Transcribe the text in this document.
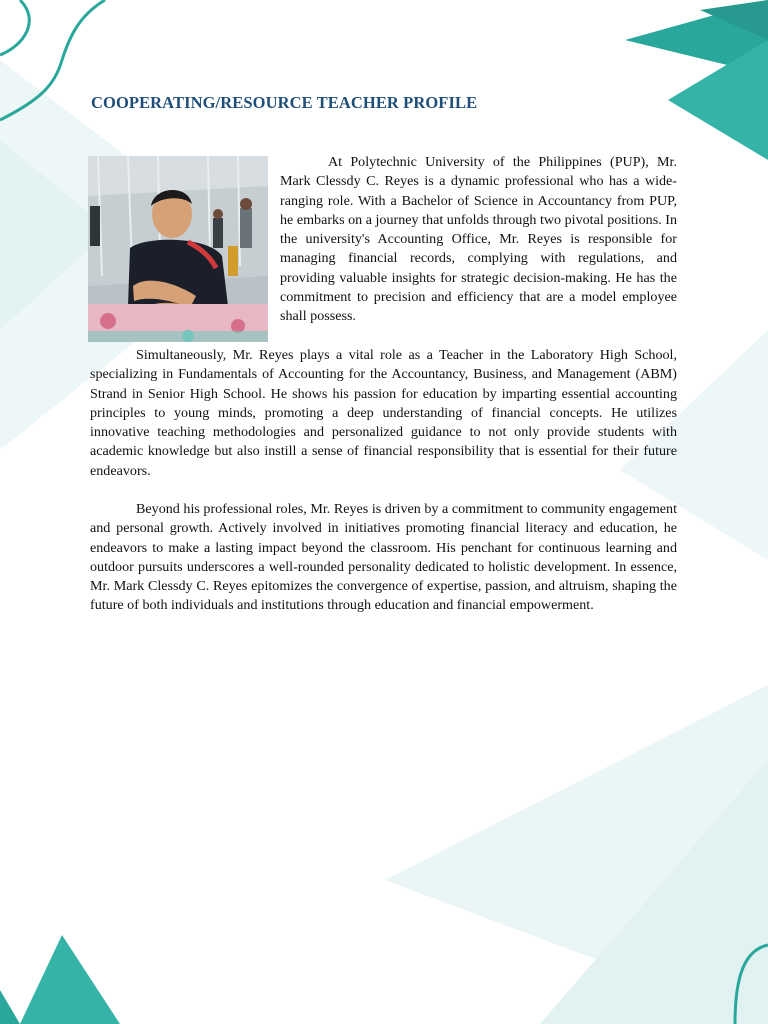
COOPERATING/RESOURCE TEACHER PROFILE

At Polytechnic University of the Philippines (PUP), Mr. Mark Clessdy C. Reyes is a dynamic professional who has a wide-ranging role. With a Bachelor of Science in Accountancy from PUP, he embarks on a journey that unfolds through two pivotal positions. In the university's Accounting Office, Mr. Reyes is responsible for managing financial records, complying with regulations, and providing valuable insights for strategic decision-making. He has the commitment to precision and efficiency that are a model employee shall possess.

Simultaneously, Mr. Reyes plays a vital role as a Teacher in the Laboratory High School, specializing in Fundamentals of Accounting for the Accountancy, Business, and Management (ABM) Strand in Senior High School. He shows his passion for education by imparting essential accounting principles to young minds, promoting a deep understanding of financial concepts. He utilizes innovative teaching methodologies and personalized guidance to not only provide students with academic knowledge but also instill a sense of financial responsibility that is essential for their future endeavors.

Beyond his professional roles, Mr. Reyes is driven by a commitment to community engagement and personal growth. Actively involved in initiatives promoting financial literacy and education, he endeavors to make a lasting impact beyond the classroom. His penchant for continuous learning and outdoor pursuits underscores a well-rounded personality dedicated to holistic development. In essence, Mr. Mark Clessdy C. Reyes epitomizes the convergence of expertise, passion, and altruism, shaping the future of both individuals and institutions through education and financial empowerment.
